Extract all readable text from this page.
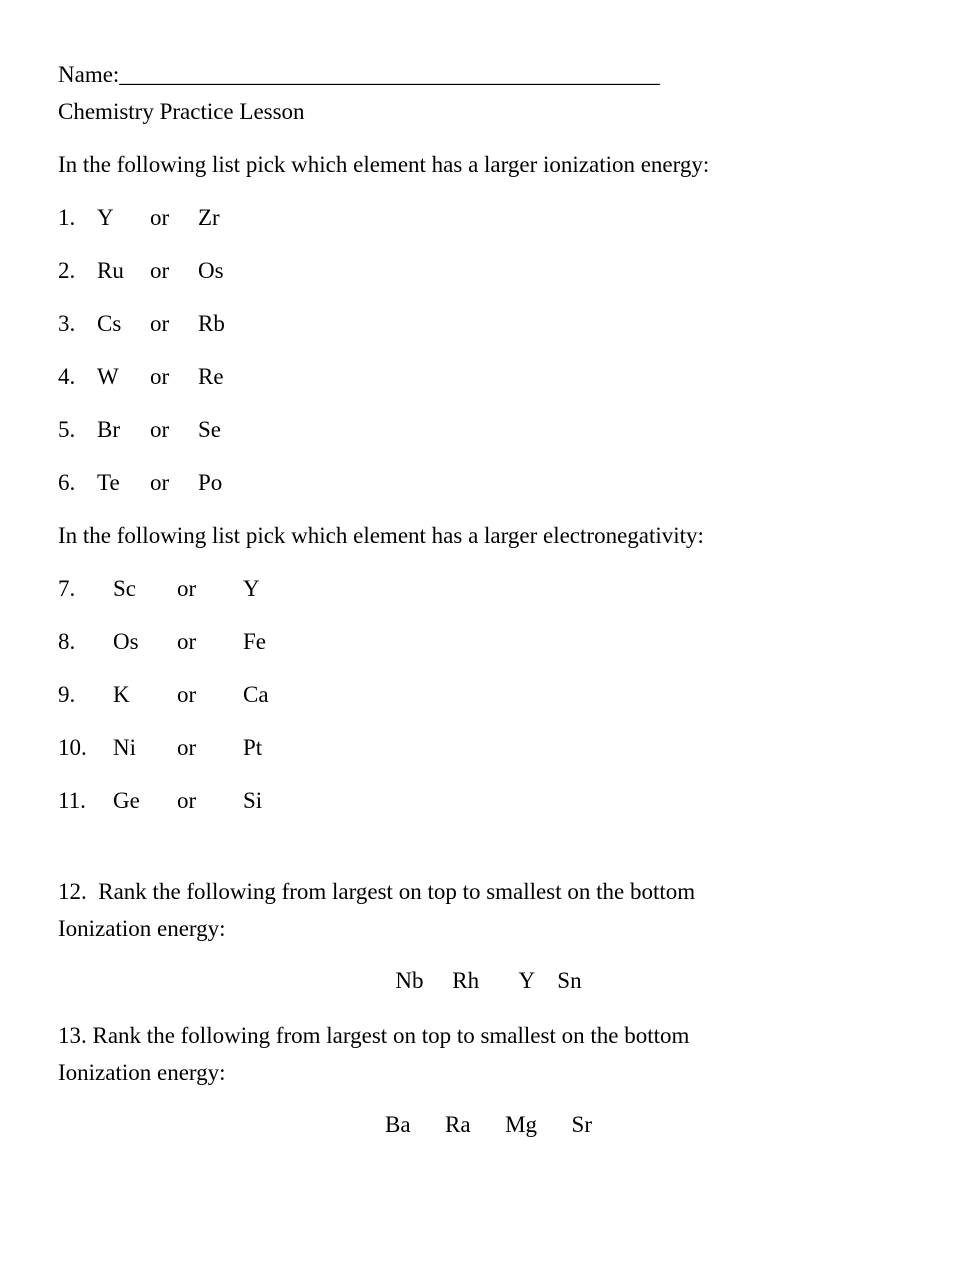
Name:_______________________________________________
Chemistry Practice Lesson
In the following list pick which element has a larger ionization energy:
1. Y or Zr
2. Ru or Os
3. Cs or Rb
4. W or Re
5. Br or Se
6. Te or Po
In the following list pick which element has a larger electronegativity:
7. Sc or Y
8. Os or Fe
9. K or Ca
10. Ni or Pt
11. Ge or Si
12.  Rank the following from largest on top to smallest on the bottom
Ionization energy:
Nb     Rh       Y    Sn
13. Rank the following from largest on top to smallest on the bottom
Ionization energy:
Ba      Ra      Mg      Sr
